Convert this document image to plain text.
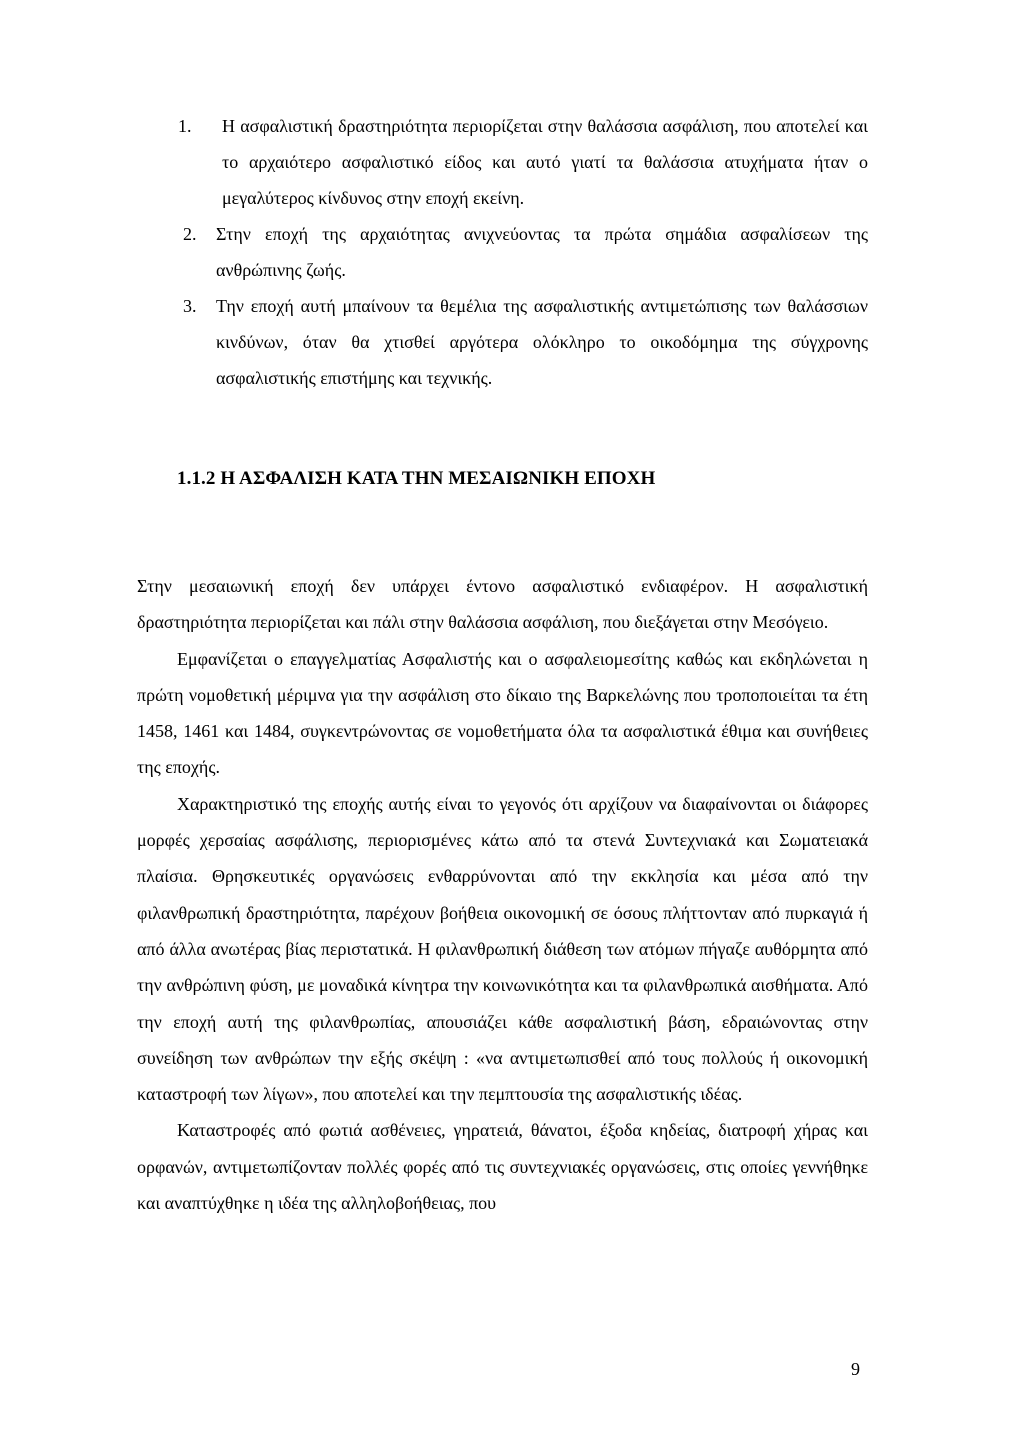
1. Η ασφαλιστική δραστηριότητα περιορίζεται στην θαλάσσια ασφάλιση, που αποτελεί και το αρχαιότερο ασφαλιστικό είδος και αυτό γιατί τα θαλάσσια ατυχήματα ήταν ο μεγαλύτερος κίνδυνος στην εποχή εκείνη.
2. Στην εποχή της αρχαιότητας ανιχνεύοντας τα πρώτα σημάδια ασφαλίσεων της ανθρώπινης ζωής.
3. Την εποχή αυτή μπαίνουν τα θεμέλια της ασφαλιστικής αντιμετώπισης των θαλάσσιων κινδύνων, όταν θα χτισθεί αργότερα ολόκληρο το οικοδόμημα της σύγχρονης ασφαλιστικής επιστήμης και τεχνικής.
1.1.2 Η ΑΣΦΑΛΙΣΗ ΚΑΤΑ ΤΗΝ ΜΕΣΑΙΩΝΙΚΗ ΕΠΟΧΗ

Στην μεσαιωνική εποχή δεν υπάρχει έντονο ασφαλιστικό ενδιαφέρον. Η ασφαλιστική δραστηριότητα περιορίζεται και πάλι στην θαλάσσια ασφάλιση, που διεξάγεται στην Μεσόγειο.

Εμφανίζεται ο επαγγελματίας Ασφαλιστής και ο ασφαλειομεσίτης καθώς και εκδηλώνεται η πρώτη νομοθετική μέριμνα για την ασφάλιση στο δίκαιο της Βαρκελώνης που τροποποιείται τα έτη 1458, 1461 και 1484, συγκεντρώνοντας σε νομοθετήματα όλα τα ασφαλιστικά έθιμα και συνήθειες της εποχής.

Χαρακτηριστικό της εποχής αυτής είναι το γεγονός ότι αρχίζουν να διαφαίνονται οι διάφορες μορφές χερσαίας ασφάλισης, περιορισμένες κάτω από τα στενά Συντεχνιακά και Σωματειακά πλαίσια. Θρησκευτικές οργανώσεις ενθαρρύνονται από την εκκλησία και μέσα από την φιλανθρωπική δραστηριότητα, παρέχουν βοήθεια οικονομική σε όσους πλήττονταν από πυρκαγιά ή από άλλα ανωτέρας βίας περιστατικά. Η φιλανθρωπική διάθεση των ατόμων πήγαζε αυθόρμητα από την ανθρώπινη φύση, με μοναδικά κίνητρα την κοινωνικότητα και τα φιλανθρωπικά αισθήματα. Από την εποχή αυτή της φιλανθρωπίας, απουσιάζει κάθε ασφαλιστική βάση, εδραιώνοντας στην συνείδηση των ανθρώπων την εξής σκέψη : «να αντιμετωπισθεί από τους πολλούς ή οικονομική καταστροφή των λίγων», που αποτελεί και την πεμπτουσία της ασφαλιστικής ιδέας.

Καταστροφές από φωτιά ασθένειες, γηρατειά, θάνατοι, έξοδα κηδείας, διατροφή χήρας και ορφανών, αντιμετωπίζονταν πολλές φορές από τις συντεχνιακές οργανώσεις, στις οποίες γεννήθηκε και αναπτύχθηκε η ιδέα της αλληλοβοήθειας, που

9
